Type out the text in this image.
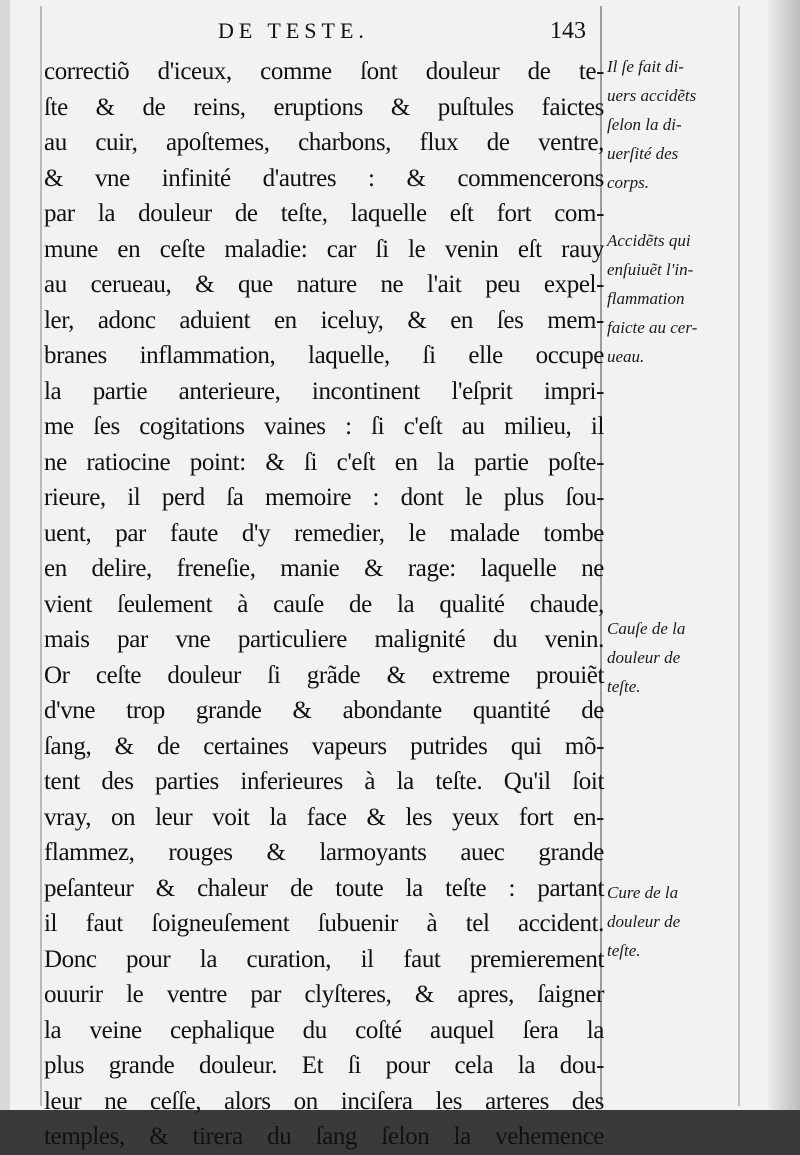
DE TESTE.	143
correctiõ d'iceux, comme ſont douleur de te-
ſte & de reins, eruptions & puſtules faictes
au cuir, apoſtemes, charbons, flux de ventre,
& vne infinité d'autres : & commencerons
par la douleur de teſte, laquelle eſt fort com-
mune en ceſte maladie: car ſi le venin eſt rauy
au cerueau, & que nature ne l'ait peu expel-
ler, adonc aduient en iceluy, & en ſes mem-
branes inflammation, laquelle, ſi elle occupe
la partie anterieure, incontinent l'eſprit impri-
me ſes cogitations vaines : ſi c'eſt au milieu, il
ne ratiocine point: & ſi c'eſt en la partie poſte-
rieure, il perd ſa memoire : dont le plus ſou-
uent, par faute d'y remedier, le malade tombe
en delire, freneſie, manie & rage: laquelle ne
vient ſeulement à cauſe de la qualité chaude,
mais par vne particuliere malignité du venin.
Or ceſte douleur ſi grãde & extreme prouiẽt
d'vne trop grande & abondante quantité de
ſang, & de certaines vapeurs putrides qui mõ-
tent des parties inferieures à la teſte. Qu'il ſoit
vray, on leur voit la face & les yeux fort en-
flammez, rouges & larmoyants auec grande
peſanteur & chaleur de toute la teſte : partant
il faut ſoigneuſement ſubuenir à tel accident.
Donc pour la curation, il faut premierement
ouurir le ventre par clyſteres, & apres, ſaigner
la veine cephalique du coſté auquel ſera la
plus grande douleur. Et ſi pour cela la dou-
leur ne ceſſe, alors on inciſera les arteres des
temples, & tirera du ſang ſelon la vehemence
Il ſe fait di-
uers accidẽts
ſelon la di-
uerſité des
corps.
Accidẽts qui
enſuiuẽt l'in-
flammation
faicte au cer-
ueau.
Cauſe de la
douleur de
teſte.
Cure de la
douleur de
teſte.
